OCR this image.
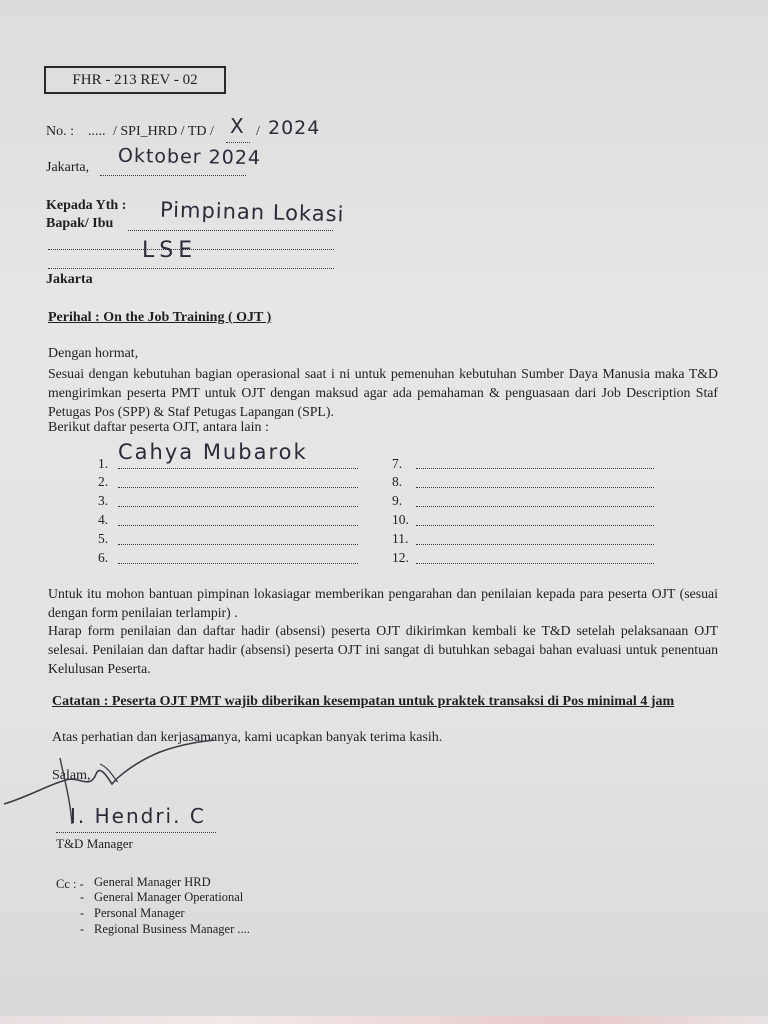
FHR - 213 REV - 02
No. : ..... / SPI_HRD / TD / X / 2024
Jakarta, Oktober 2024
Kepada Yth :
Bapak/ Ibu Pimpinan Lokasi
LSE
Jakarta
Perihal : On the Job Training ( OJT )
Dengan hormat,
Sesuai dengan kebutuhan bagian operasional saat i ni untuk pemenuhan kebutuhan Sumber Daya Manusia maka T&D mengirimkan peserta PMT untuk OJT dengan maksud agar ada pemahaman & penguasaan dari Job Description Staf Petugas Pos (SPP) & Staf Petugas Lapangan (SPL).
Berikut daftar peserta OJT, antara lain :
1. Cahya Mubarok
2.
3.
4.
5.
6.
7.
8.
9.
10.
11.
12.
Untuk itu mohon bantuan pimpinan lokasiagar memberikan pengarahan dan penilaian kepada para peserta OJT (sesuai dengan form penilaian terlampir) .
Harap form penilaian dan daftar hadir (absensi) peserta OJT dikirimkan kembali ke T&D setelah pelaksanaan OJT selesai. Penilaian dan daftar hadir (absensi) peserta OJT ini sangat di butuhkan sebagai bahan evaluasi untuk penentuan Kelulusan Peserta.
Catatan : Peserta OJT PMT wajib diberikan kesempatan untuk praktek transaksi di Pos minimal 4 jam
Atas perhatian dan kerjasamanya, kami ucapkan banyak terima kasih.
Salam,
I. Hendri. C
T&D Manager
Cc : - General Manager HRD
- General Manager Operational
- Personal Manager
- Regional Business Manager ....
